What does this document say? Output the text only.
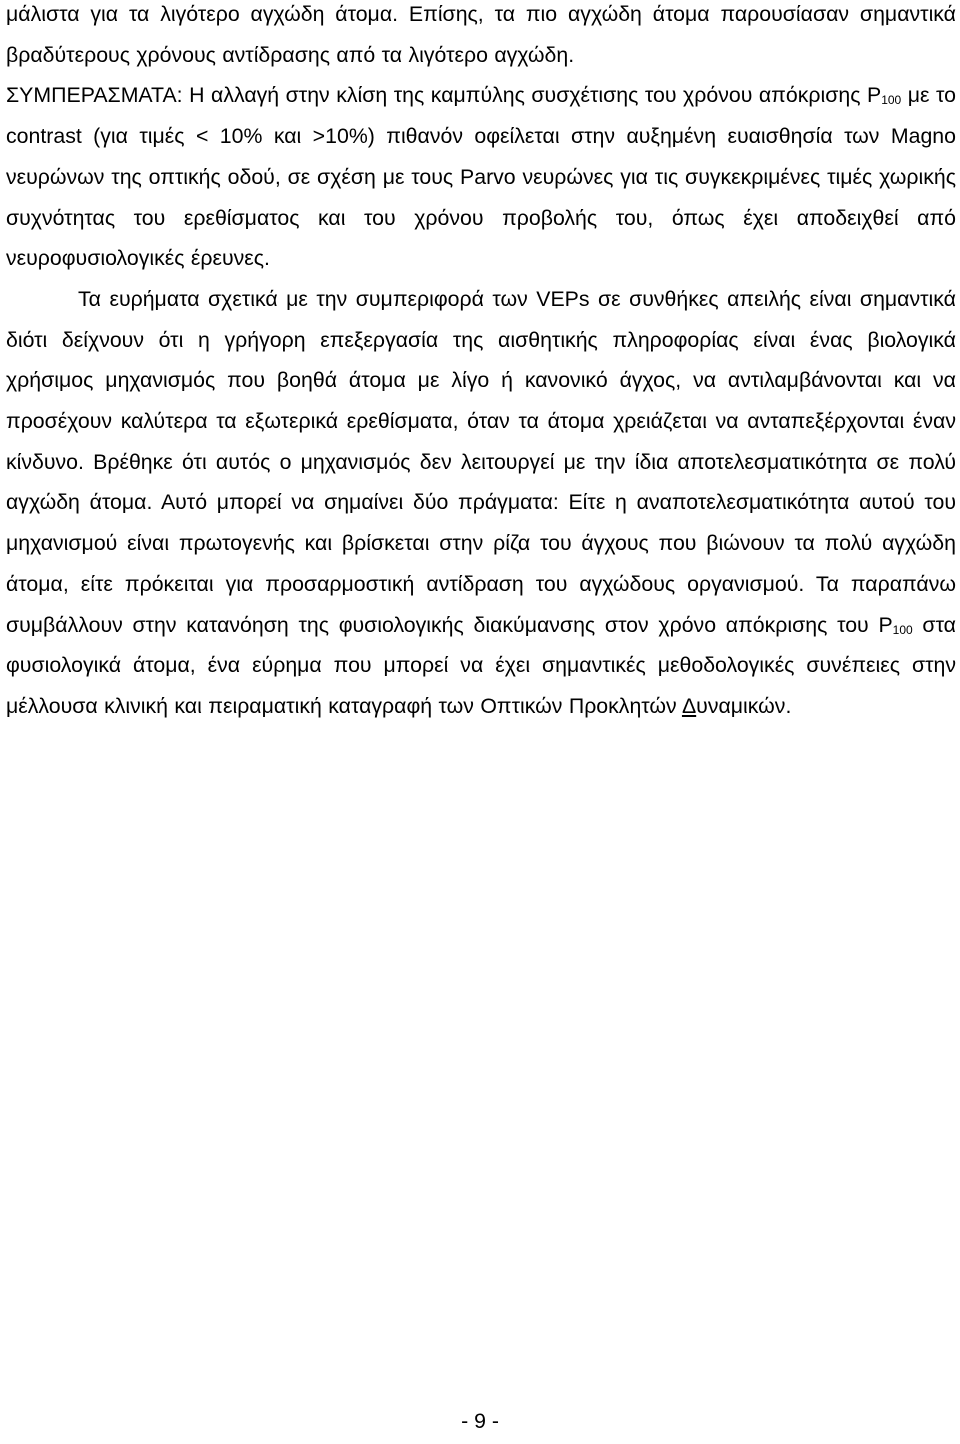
μάλιστα για τα λιγότερο αγχώδη άτομα. Επίσης, τα πιο αγχώδη άτομα παρουσίασαν σημαντικά βραδύτερους χρόνους αντίδρασης από τα λιγότερο αγχώδη.

ΣΥΜΠΕΡΑΣΜΑΤΑ: Η αλλαγή στην κλίση της καμπύλης συσχέτισης του χρόνου απόκρισης $P_{100}$ με το contrast (για τιμές < 10% και >10%) πιθανόν οφείλεται στην αυξημένη ευαισθησία των Magno νευρώνων της οπτικής οδού, σε σχέση με τους Parvo νευρώνες για τις συγκεκριμένες τιμές χωρικής συχνότητας του ερεθίσματος και του χρόνου προβολής του, όπως έχει αποδειχθεί από νευροφυσιολογικές έρευνες.

Τα ευρήματα σχετικά με την συμπεριφορά των VEPs σε συνθήκες απειλής είναι σημαντικά διότι δείχνουν ότι η γρήγορη επεξεργασία της αισθητικής πληροφορίας είναι ένας βιολογικά χρήσιμος μηχανισμός που βοηθά άτομα με λίγο ή κανονικό άγχος, να αντιλαμβάνονται και να προσέχουν καλύτερα τα εξωτερικά ερεθίσματα, όταν τα άτομα χρειάζεται να ανταπεξέρχονται έναν κίνδυνο. Βρέθηκε ότι αυτός ο μηχανισμός δεν λειτουργεί με την ίδια αποτελεσματικότητα σε πολύ αγχώδη άτομα. Αυτό μπορεί να σημαίνει δύο πράγματα: Είτε η αναποτελεσματικότητα αυτού του μηχανισμού είναι πρωτογενής και βρίσκεται στην ρίζα του άγχους που βιώνουν τα πολύ αγχώδη άτομα, είτε πρόκειται για προσαρμοστική αντίδραση του αγχώδους οργανισμού. Τα παραπάνω συμβάλλουν στην κατανόηση της φυσιολογικής διακύμανσης στον χρόνο απόκρισης του $P_{100}$ στα φυσιολογικά άτομα, ένα εύρημα που μπορεί να έχει σημαντικές μεθοδολογικές συνέπειες στην μέλλουσα κλινική και πειραματική καταγραφή των Οπτικών Προκλητών Δυναμικών.

- 9 -
